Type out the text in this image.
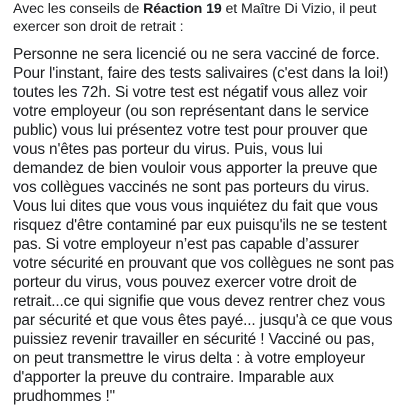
Avec les conseils de Réaction 19 et Maître Di Vizio, il peut exercer son droit de retrait :

Personne ne sera licencié ou ne sera vacciné de force.
Pour l'instant, faire des tests salivaires (c'est dans la loi!)
toutes les 72h. Si votre test est négatif vous allez voir
votre employeur (ou son représentant dans le service
public) vous lui présentez votre test pour prouver que
vous n'êtes pas porteur du virus. Puis, vous lui
demandez de bien vouloir vous apporter la preuve que
vos collègues vaccinés ne sont pas porteurs du virus.
Vous lui dites que vous vous inquiétez du fait que vous
risquez d'être contaminé par eux puisqu'ils ne se testent
pas. Si votre employeur n’est pas capable d’assurer
votre sécurité en prouvant que vos collègues ne sont pas
porteur du virus, vous pouvez exercer votre droit de
retrait...ce qui signifie que vous devez rentrer chez vous
par sécurité et que vous êtes payé... jusqu'à ce que vous
puissiez revenir travailler en sécurité ! Vacciné ou pas,
on peut transmettre le virus delta : à votre employeur
d'apporter la preuve du contraire. Imparable aux
prudhommes !"
